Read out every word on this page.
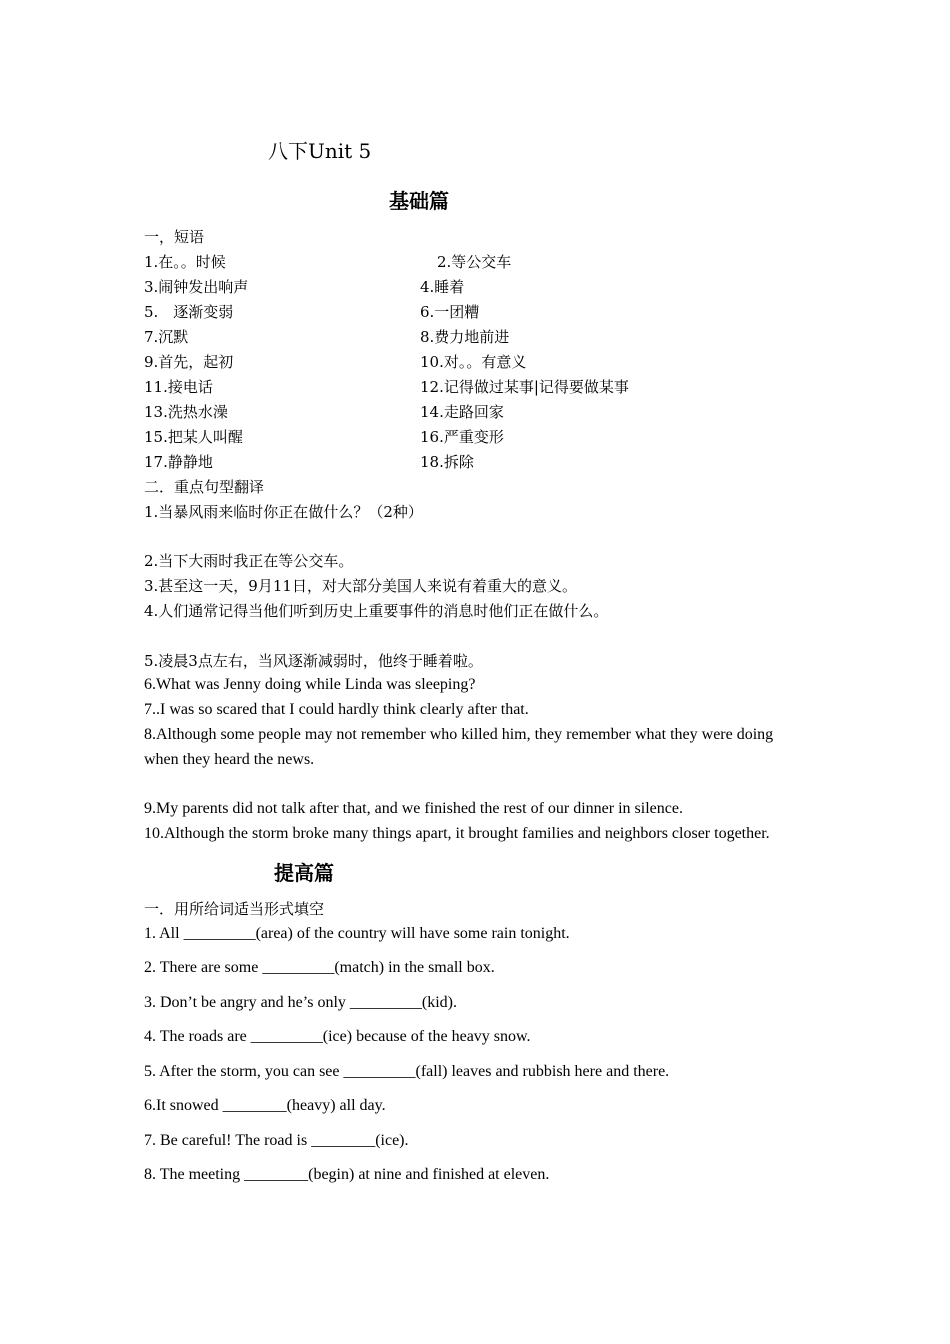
八下Unit 5
基础篇
一，短语
1.在。。时候	2.等公交车
3.闹钟发出响声	4.睡着
5.　逐渐变弱	6.一团糟
7.沉默	8.费力地前进
9.首先，起初	10.对。。有意义
11.接电话	12.记得做过某事|记得要做某事
13.洗热水澡	14.走路回家
15.把某人叫醒	16.严重变形
17.静静地	18.拆除
二．重点句型翻译
1.当暴风雨来临时你正在做什么？（2种）
2.当下大雨时我正在等公交车。
3.甚至这一天，9月11日，对大部分美国人来说有着重大的意义。
4.人们通常记得当他们听到历史上重要事件的消息时他们正在做什么。
5.凌晨3点左右，当风逐渐减弱时，他终于睡着啦。
6.What was Jenny doing while Linda was sleeping?
7..I was so scared that I could hardly think clearly after that.
8.Although some people may not remember who killed him, they remember what they were doing when they heard the news.
9.My parents did not talk after that, and we finished the rest of our dinner in silence.
10.Although the storm broke many things apart, it brought families and neighbors closer together.
提高篇
一．用所给词适当形式填空
1. All _________(area) of the country will have some rain tonight.
2. There are some _________(match) in the small box.
3. Don’t be angry and he’s only _________(kid).
4. The roads are _________(ice) because of the heavy snow.
5. After the storm, you can see _________(fall) leaves and rubbish here and there.
6.It snowed ________(heavy) all day.
7. Be careful! The road is ________(ice).
8. The meeting ________(begin) at nine and finished at eleven.
